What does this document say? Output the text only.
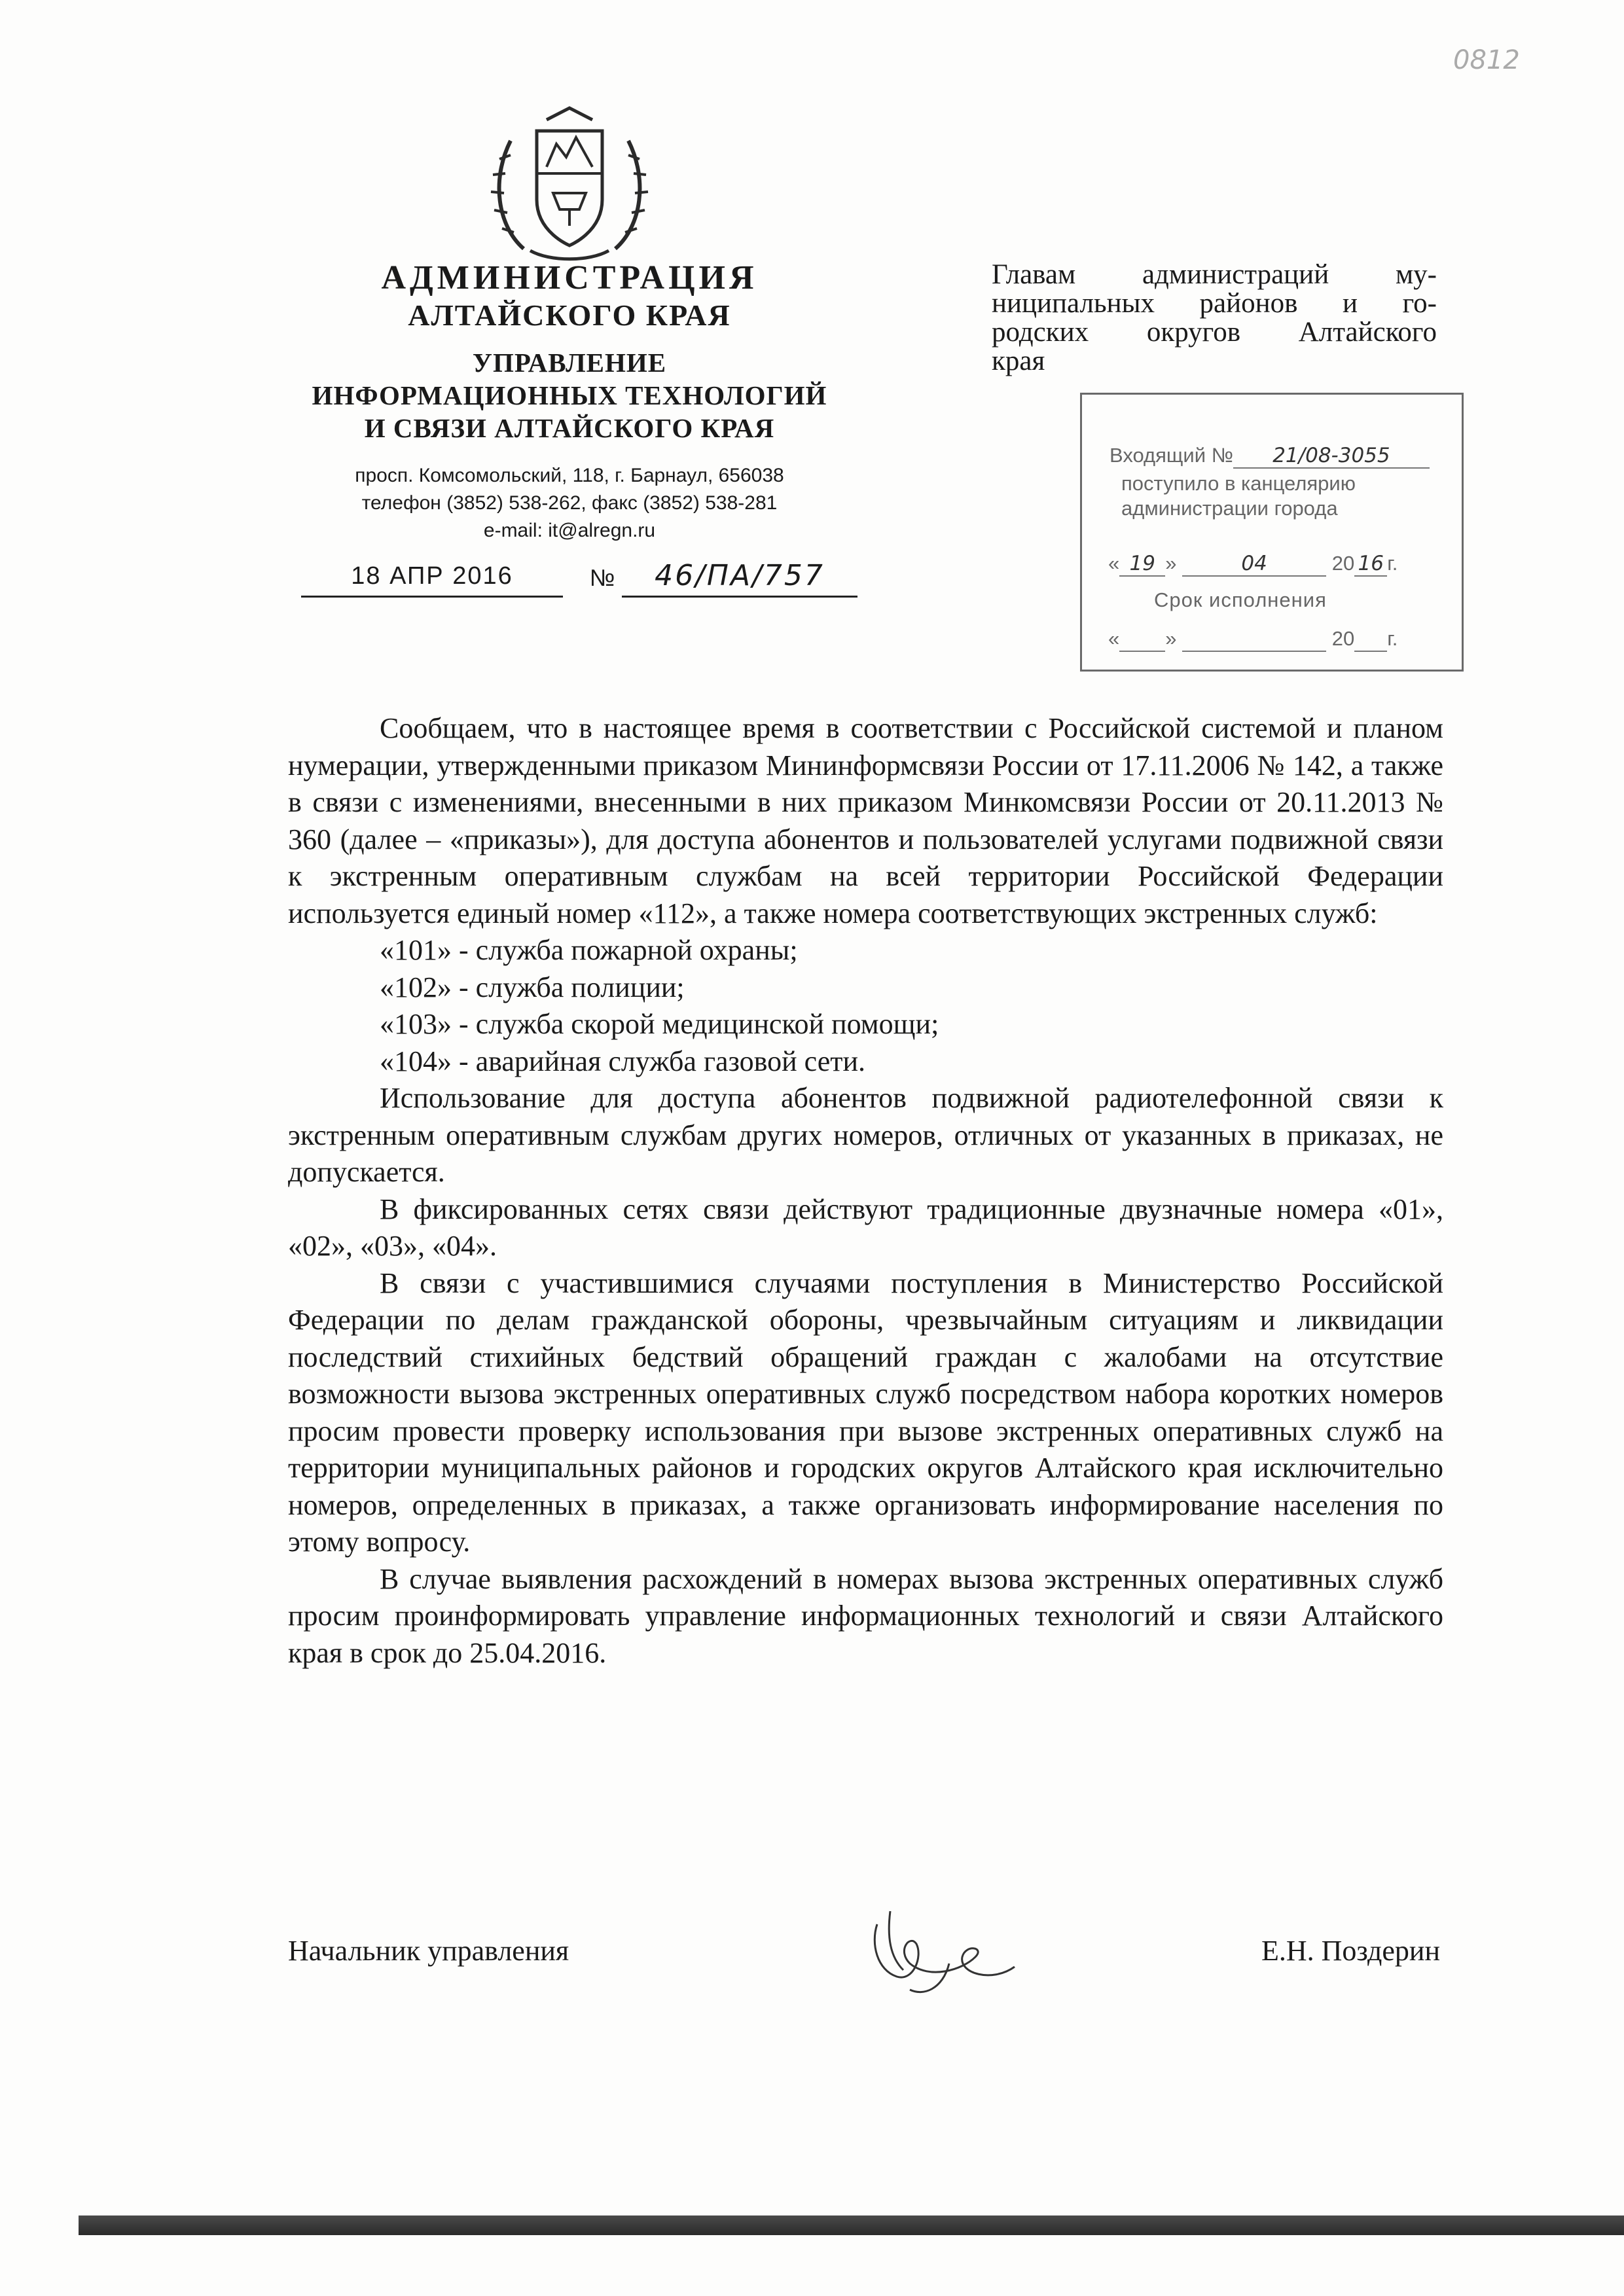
0812
АДМИНИСТРАЦИЯ
АЛТАЙСКОГО КРАЯ
УПРАВЛЕНИЕ
ИНФОРМАЦИОННЫХ ТЕХНОЛОГИЙ
И СВЯЗИ АЛТАЙСКОГО КРАЯ
просп. Комсомольский, 118, г. Барнаул, 656038
телефон (3852) 538-262, факс (3852) 538-281
e-mail: it@alregn.ru
18 АПР 2016	№	46/ПА/757
Главам администраций му-
ниципальных районов и го-
родских округов Алтайского
края
Входящий № 21/08-3055
поступило в канцелярию
администрации города
« 19 »	04	20 16 г.
Срок исполнения
« »	20 г.

Сообщаем, что в настоящее время в соответствии с Российской системой и планом нумерации, утвержденными приказом Мининформсвязи России от 17.11.2006 № 142, а также в связи с изменениями, внесенными в них приказом Минкомсвязи России от 20.11.2013 № 360 (далее – «приказы»), для доступа абонентов и пользователей услугами подвижной связи к экстренным оперативным службам на всей территории Российской Федерации используется единый номер «112», а также номера соответствующих экстренных служб:

«101» - служба пожарной охраны;

«102» - служба полиции;

«103» - служба скорой медицинской помощи;

«104» - аварийная служба газовой сети.

Использование для доступа абонентов подвижной радиотелефонной связи к экстренным оперативным службам других номеров, отличных от указанных в приказах, не допускается.

В фиксированных сетях связи действуют традиционные двузначные номера «01», «02», «03», «04».

В связи с участившимися случаями поступления в Министерство Российской Федерации по делам гражданской обороны, чрезвычайным ситуациям и ликвидации последствий стихийных бедствий обращений граждан с жалобами на отсутствие возможности вызова экстренных оперативных служб посредством набора коротких номеров просим провести проверку использования при вызове экстренных оперативных служб на территории муниципальных районов и городских округов Алтайского края исключительно номеров, определенных в приказах, а также организовать информирование населения по этому вопросу.

В случае выявления расхождений в номерах вызова экстренных оперативных служб просим проинформировать управление информационных технологий и связи Алтайского края в срок до 25.04.2016.

Начальник управления	Е.Н. Поздерин
